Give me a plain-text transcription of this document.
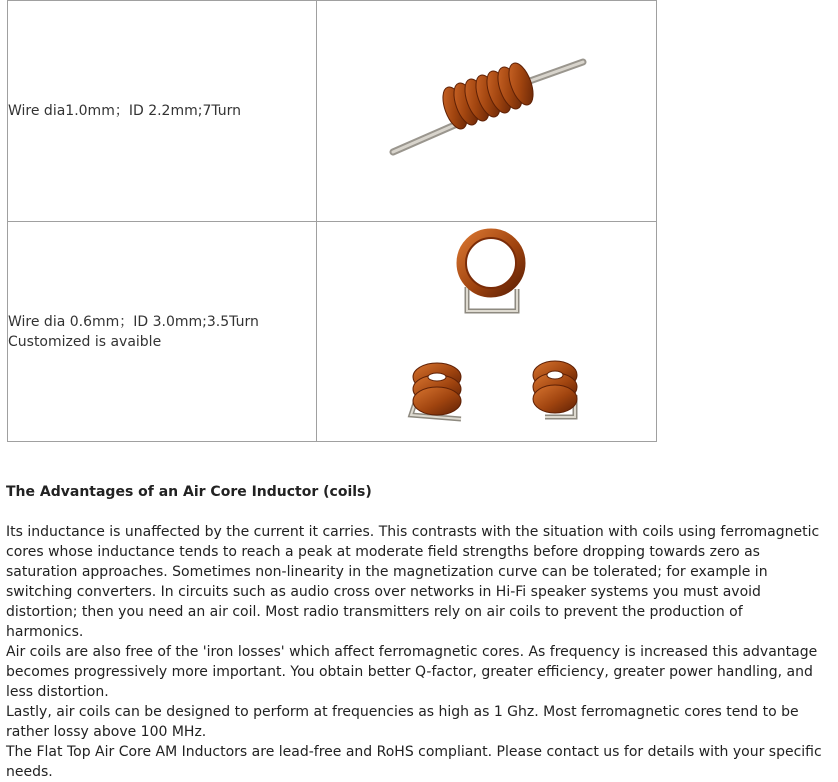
Wire dia1.0mm；ID 2.2mm;7Turn

Wire dia 0.6mm；ID 3.0mm;3.5Turn
Customized is avaible

The Advantages of an Air Core Inductor (coils)

Its inductance is unaffected by the current it carries. This contrasts with the situation with coils using ferromagnetic cores whose inductance tends to reach a peak at moderate field strengths before dropping towards zero as saturation approaches. Sometimes non-linearity in the magnetization curve can be tolerated; for example in switching converters. In circuits such as audio cross over networks in Hi-Fi speaker systems you must avoid distortion; then you need an air coil. Most radio transmitters rely on air coils to prevent the production of harmonics.

Air coils are also free of the 'iron losses' which affect ferromagnetic cores. As frequency is increased this advantage becomes progressively more important. You obtain better Q-factor, greater efficiency, greater power handling, and less distortion.

Lastly, air coils can be designed to perform at frequencies as high as 1 Ghz. Most ferromagnetic cores tend to be rather lossy above 100 MHz.

The Flat Top Air Core AM Inductors are lead-free and RoHS compliant. Please contact us for details with your specific needs.
